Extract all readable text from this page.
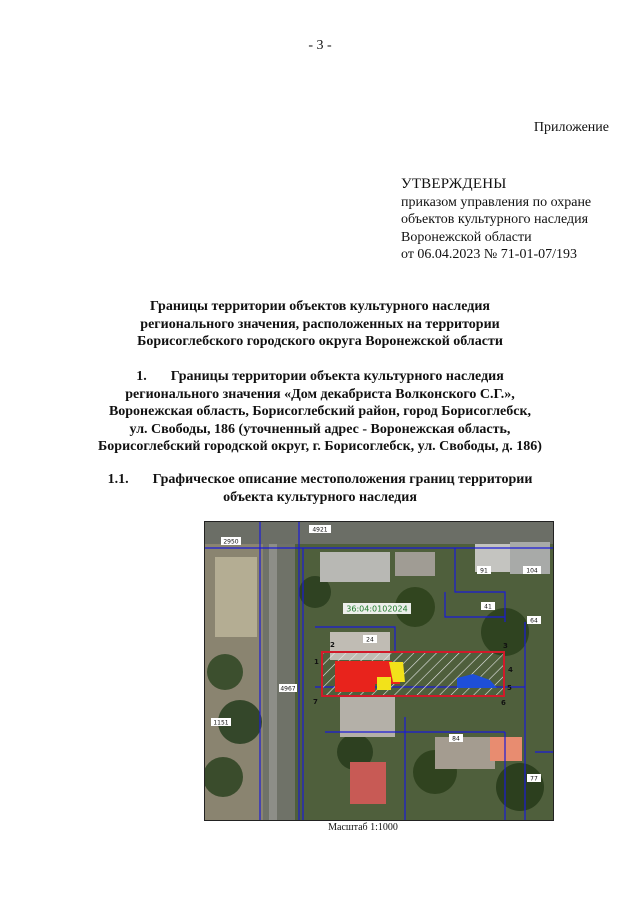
- 3 -
Приложение
УТВЕРЖДЕНЫ
приказом управления по охране
объектов культурного наследия
Воронежской области
от 06.04.2023 № 71-01-07/193
Границы территории объектов культурного наследия
регионального значения, расположенных на территории
Борисоглебского городского округа Воронежской области
1. Границы территории объекта культурного наследия
регионального значения «Дом декабриста Волконского С.Г.»,
Воронежская область, Борисоглебский район, город Борисоглебск,
ул. Свободы, 186 (уточненный адрес - Воронежская область,
Борисоглебский городской округ, г. Борисоглебск, ул. Свободы, д. 186)
1.1. Графическое описание местоположения границ территории
объекта культурного наследия
36:04:0102024
1
2	3
4
5
6
7
4921
4967
2950
1151
24
41
84
91	104
77
64
Масштаб 1:1000
